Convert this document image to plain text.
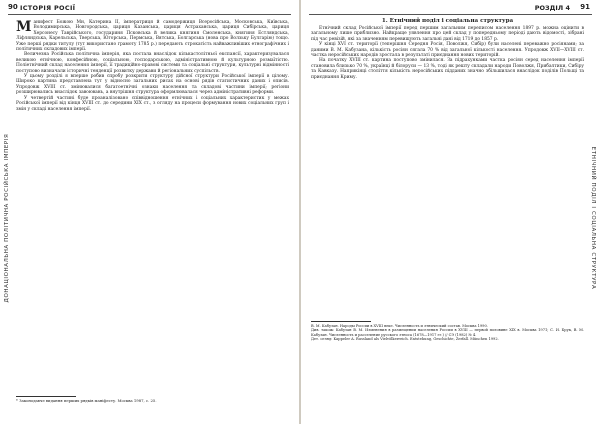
90 ІСТОРІЯ РОСІЇ
ДОНАЦІОНАЛЬНА ПОЛІТИЧНА РОСІЙСЬКА ІМПЕРІЯ

Манифест Божою Мн, Катерина II, імператриця й самодержиця Всеросійська, Московська, Київська, Володимирська, Новгородська, цариця Казанська, цариця Астраханська, цариця Сибірська, цариця Херсонесу Таврійського, государиня Псковська й велика княгиня Смоленська, княгиня Естляндська, Ліфляндська, Карельська, Тверська, Югорська, Пермська, Вятська, Болгарська (нова про Волзьку Булгарію) тощо. Уже перші рядки титулу (тут використано грамоту 1785 р.) передають строкатість найважливіших етнографічних і політичних складових імперії.

Величезна Російська політична імперія, яка постала внаслідок кількастолітньої експансії, характеризувалася великою етнічною, конфесійною, соціальною, господарською, адміністративною й культурною розмаїтістю. Поліетнічний склад населення імперії, її традиційно-правові системи та соціальні структури, культурні відмінності поступово визначали історичні тенденції розвитку держави й регіональних суспільств.

У цьому розділі я вперше робив спробу розкрити структуру дійсної структури Російської імперії в цілому. Широко картина представлена тут у відносно загальних рисах на основі рядів статистичних даних і описів. Упродовж XVIII ст. змінювалися багатоетнічні ознаки населення та складові частини імперії; регіони розширювались внаслідок завоювань, а внутрішня структура оформлювалася через адміністративні реформи.

У четвертій частині буде проаналізовано співвідношення етнічних і соціальних характеристик у межах Російської імперії від кінця XVIII ст. до середини XIX ст., з огляду на процеси формування нових соціальних груп і змін у складі населення імперії.

* Законодавче видання перших рядків маніфесту. Москва 1987, с. 25.

РОЗДІЛ 4 91
ЕТНІЧНИЙ ПОДІЛ І СОЦІАЛЬНА СТРУКТУРА
1. Етнічний поділ і соціальна структура

Етнічний склад Російської імперії перед першим загальним переписом населення 1897 р. можна оцінити в загальному лише приблизно. Найкраще уявлення про цей склад у попередньому періоді дають відомості, зібрані під час ревізій, які за значенням перевищують загальні дані від 1719 до 1857 р.

У кінці XVI ст. території (теперішня Середня Росія, Поволжя, Сибір) були населені переважно росіянами; за даними В. М. Кабузана, кількість росіян сягала 70 % від загальної кількості населення. Упродовж XVII—XVIII ст. частка неросійських народів зростала в результаті приєднання нових територій.

На початку XVIII ст. картина поступово змінилася. За підрахунками частка росіян серед населення імперії становила близько 70 %, українці й білоруси — 13 %, тоді як решту складали народи Поволжя, Прибалтики, Сибіру та Кавказу. Наприкінці століття кількість неросійських підданих значно збільшилася внаслідок поділів Польщі та приєднання Криму.

В. М. Кабузан. Народы России в XVIII веке. Численность и этнический состав. Москва 1990.

Див. також: Кабузан В. М. Изменения в размещении населения России в XVIII — первой половине XIX в. Москва 1971; С. И. Брук, В. М. Кабузан. Численность и расселение русского этноса (1678—1917 гг.) // СЭ (1982) № 4.

Дет. огляд: Kappeler A. Russland als Vielvölkerreich. Entstehung, Geschichte, Zerfall. München 1992.
